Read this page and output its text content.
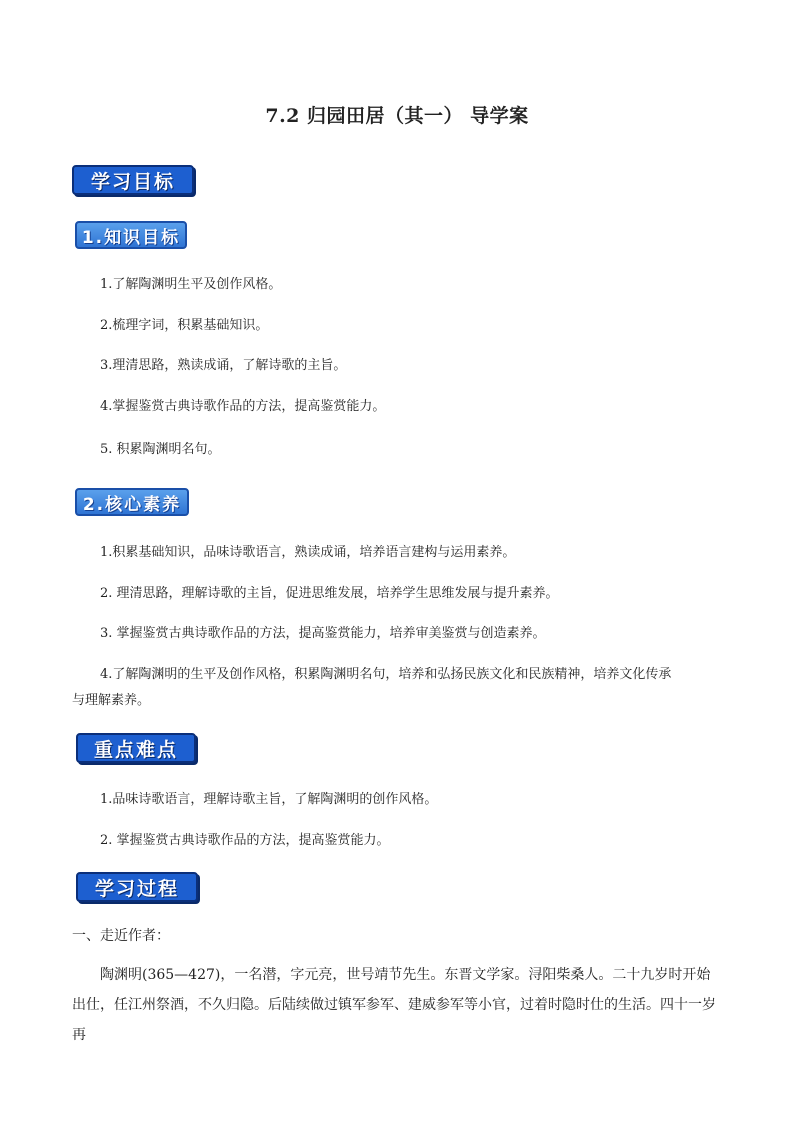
7.2 归园田居（其一） 导学案
学习目标
1.知识目标
1.了解陶渊明生平及创作风格。
2.梳理字词，积累基础知识。
3.理清思路，熟读成诵，了解诗歌的主旨。
4.掌握鉴赏古典诗歌作品的方法，提高鉴赏能力。
5. 积累陶渊明名句。
2.核心素养
1.积累基础知识，品味诗歌语言，熟读成诵，培养语言建构与运用素养。
2. 理清思路，理解诗歌的主旨，促进思维发展，培养学生思维发展与提升素养。
3. 掌握鉴赏古典诗歌作品的方法，提高鉴赏能力，培养审美鉴赏与创造素养。
4.了解陶渊明的生平及创作风格，积累陶渊明名句，培养和弘扬民族文化和民族精神，培养文化传承
与理解素养。
重点难点
1.品味诗歌语言，理解诗歌主旨，了解陶渊明的创作风格。
2. 掌握鉴赏古典诗歌作品的方法，提高鉴赏能力。
学习过程
一、走近作者：
陶渊明(365—427)，一名潜，字元亮，世号靖节先生。东晋文学家。浔阳柴桑人。二十九岁时开始出仕，任江州祭酒，不久归隐。后陆续做过镇军参军、建威参军等小官，过着时隐时仕的生活。四十一岁再
